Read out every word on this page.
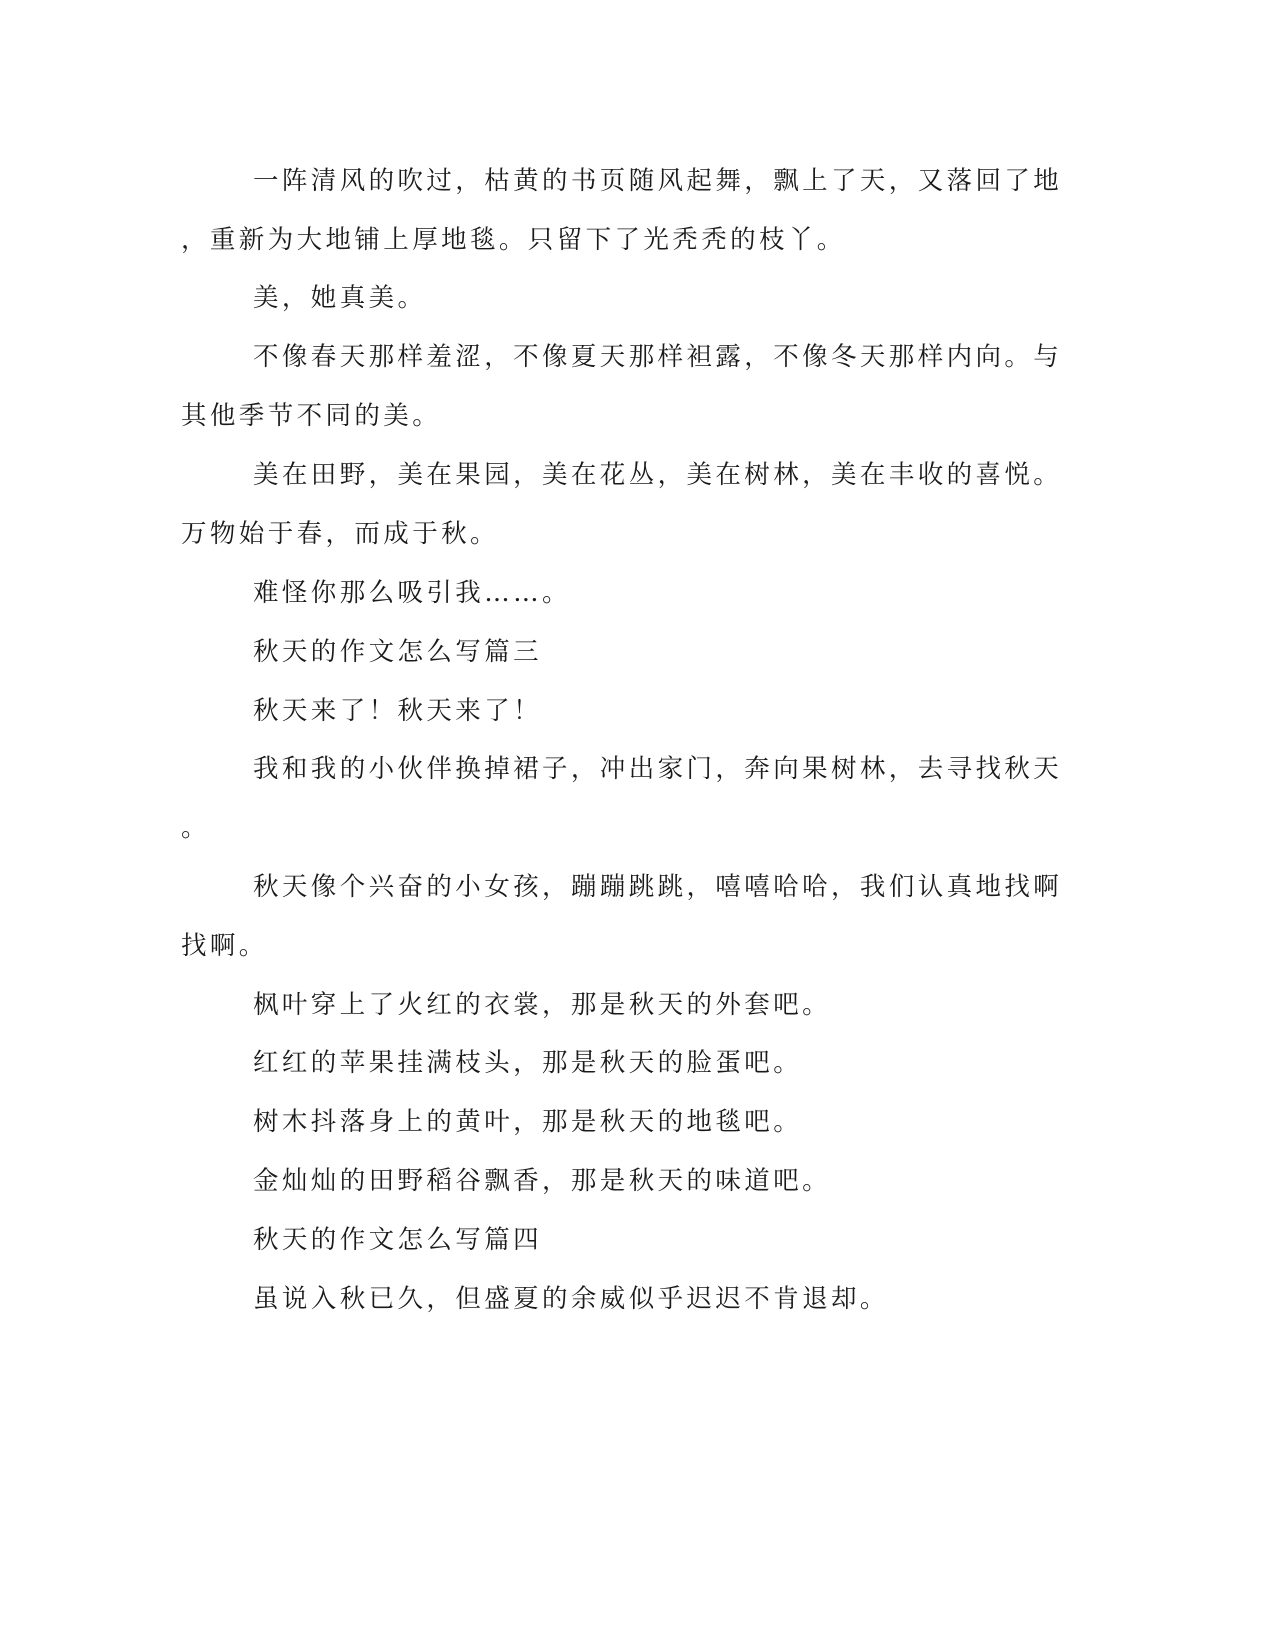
一阵清风的吹过，枯黄的书页随风起舞，飘上了天，又落回了地

，重新为大地铺上厚地毯。只留下了光秃秃的枝丫。

美，她真美。

不像春天那样羞涩，不像夏天那样袒露，不像冬天那样内向。与

其他季节不同的美。

美在田野，美在果园，美在花丛，美在树林，美在丰收的喜悦。

万物始于春，而成于秋。

难怪你那么吸引我……。

秋天的作文怎么写篇三

秋天来了！秋天来了！

我和我的小伙伴换掉裙子，冲出家门，奔向果树林，去寻找秋天

。

秋天像个兴奋的小女孩，蹦蹦跳跳，嘻嘻哈哈，我们认真地找啊

找啊。

枫叶穿上了火红的衣裳，那是秋天的外套吧。

红红的苹果挂满枝头，那是秋天的脸蛋吧。

树木抖落身上的黄叶，那是秋天的地毯吧。

金灿灿的田野稻谷飘香，那是秋天的味道吧。

秋天的作文怎么写篇四

虽说入秋已久，但盛夏的余威似乎迟迟不肯退却。
